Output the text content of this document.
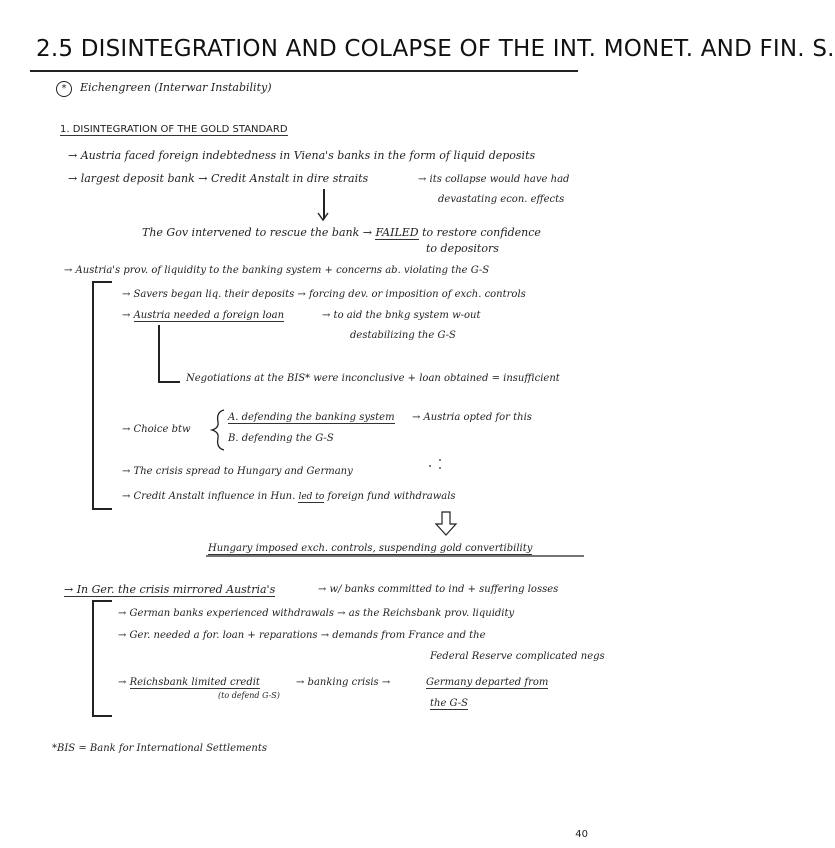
2.5 DISINTEGRATION AND COLAPSE OF THE INT. MONET. AND FIN. S.
*	Eichengreen (Interwar Instability)
1. DISINTEGRATION OF THE GOLD STANDARD
→ Austria faced foreign indebtedness in Viena's banks in the form of liquid deposits
→ largest deposit bank → Credit Anstalt in dire straits	→ its collapse would have had
devastating econ. effects
The Gov intervened to rescue the bank → FAILED to restore confidence
to depositors
→ Austria's prov. of liquidity to the banking system + concerns ab. violating the G-S
→ Savers began liq. their deposits → forcing dev. or imposition of exch. controls
→ Austria needed a foreign loan	→ to aid the bnkg system w-out
destabilizing the G-S
Negotiations at the BIS* were inconclusive + loan obtained = insufficient
→ Choice btw
A. defending the banking system
B. defending the G-S
→ Austria opted for this
→ The crisis spread to Hungary and Germany
→ Credit Anstalt influence in Hun. led to foreign fund withdrawals
Hungary imposed exch. controls, suspending gold convertibility
→ In Ger. the crisis mirrored Austria's	→ w/ banks committed to ind + suffering losses
→ German banks experienced withdrawals → as the Reichsbank prov. liquidity
→ Ger. needed a for. loan + reparations → demands from France and the
Federal Reserve complicated negs
→ Reichsbank limited credit
(to defend G-S)
→ banking crisis →	Germany departed from
the G-S
*BIS = Bank for International Settlements
40
